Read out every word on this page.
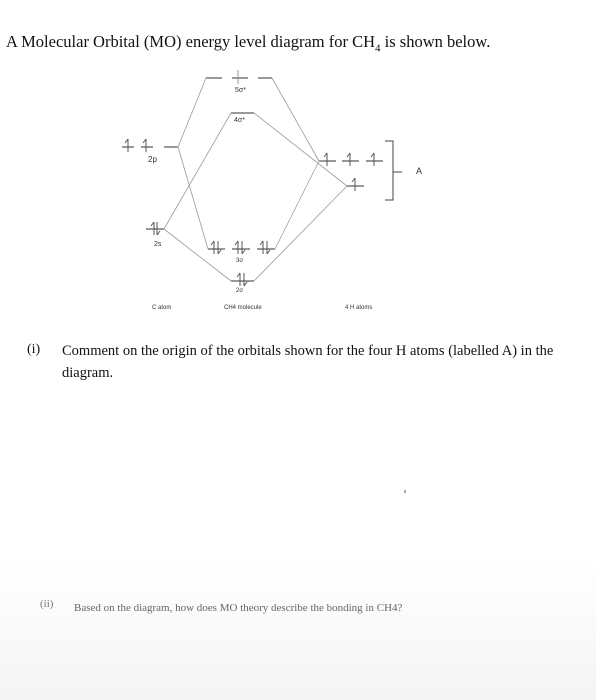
A Molecular Orbital (MO) energy level diagram for $CH_4$ is shown below.
2p
2s
5σ*
4σ*
3σ
2σ
A
C atom	CH4 molecule	4 H atoms
(i) Comment on the origin of the orbitals shown for the four H atoms (labelled A) in the diagram.
(ii) Based on the diagram, how does MO theory describe the bonding in CH4?
